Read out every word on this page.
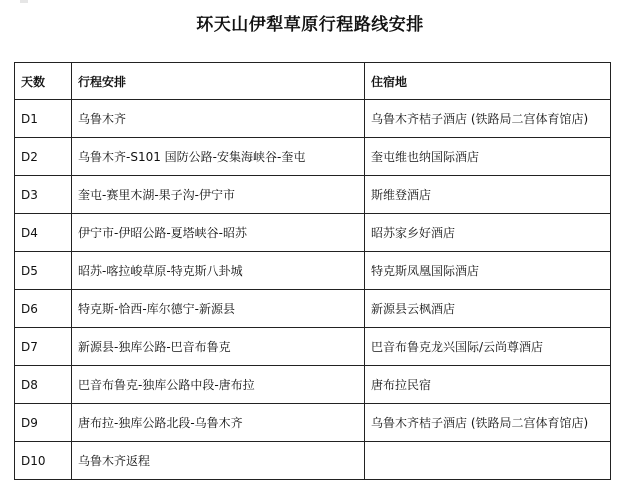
环天山伊犁草原行程路线安排
天数	行程安排	住宿地
D1	乌鲁木齐	乌鲁木齐桔子酒店 (铁路局二宫体育馆店)
D2	乌鲁木齐-S101 国防公路-安集海峡谷-奎屯	奎屯维也纳国际酒店
D3	奎屯-赛里木湖-果子沟-伊宁市	斯维登酒店
D4	伊宁市-伊昭公路-夏塔峡谷-昭苏	昭苏家乡好酒店
D5	昭苏-喀拉峻草原-特克斯八卦城	特克斯凤凰国际酒店
D6	特克斯-恰西-库尔德宁-新源县	新源县云枫酒店
D7	新源县-独库公路-巴音布鲁克	巴音布鲁克龙兴国际/云尚尊酒店
D8	巴音布鲁克-独库公路中段-唐布拉	唐布拉民宿
D9	唐布拉-独库公路北段-乌鲁木齐	乌鲁木齐桔子酒店 (铁路局二宫体育馆店)
D10	乌鲁木齐返程	
